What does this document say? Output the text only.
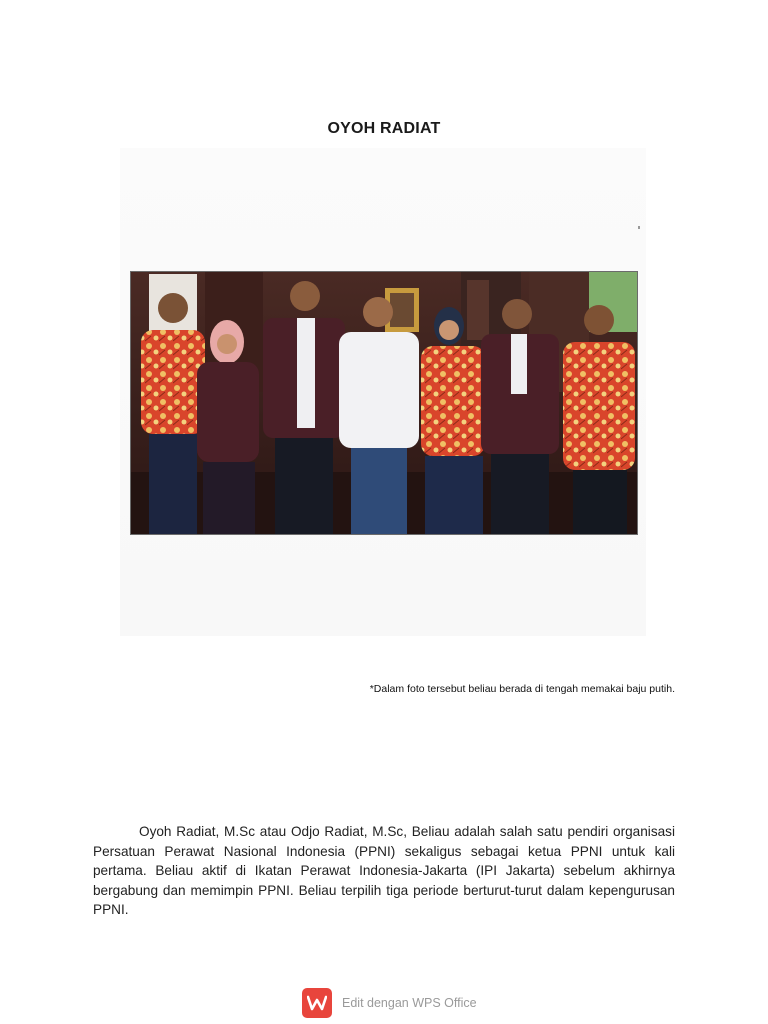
OYOH RADIAT
*Dalam foto tersebut beliau berada di tengah memakai baju putih.

Oyoh Radiat, M.Sc atau Odjo Radiat, M.Sc, Beliau adalah salah satu pendiri organisasi Persatuan Perawat Nasional Indonesia (PPNI) sekaligus sebagai ketua PPNI untuk kali pertama. Beliau aktif di Ikatan Perawat Indonesia-Jakarta (IPI Jakarta) sebelum akhirnya bergabung dan memimpin PPNI. Beliau terpilih tiga periode berturut-turut dalam kepengurusan PPNI.

Edit dengan WPS Office
